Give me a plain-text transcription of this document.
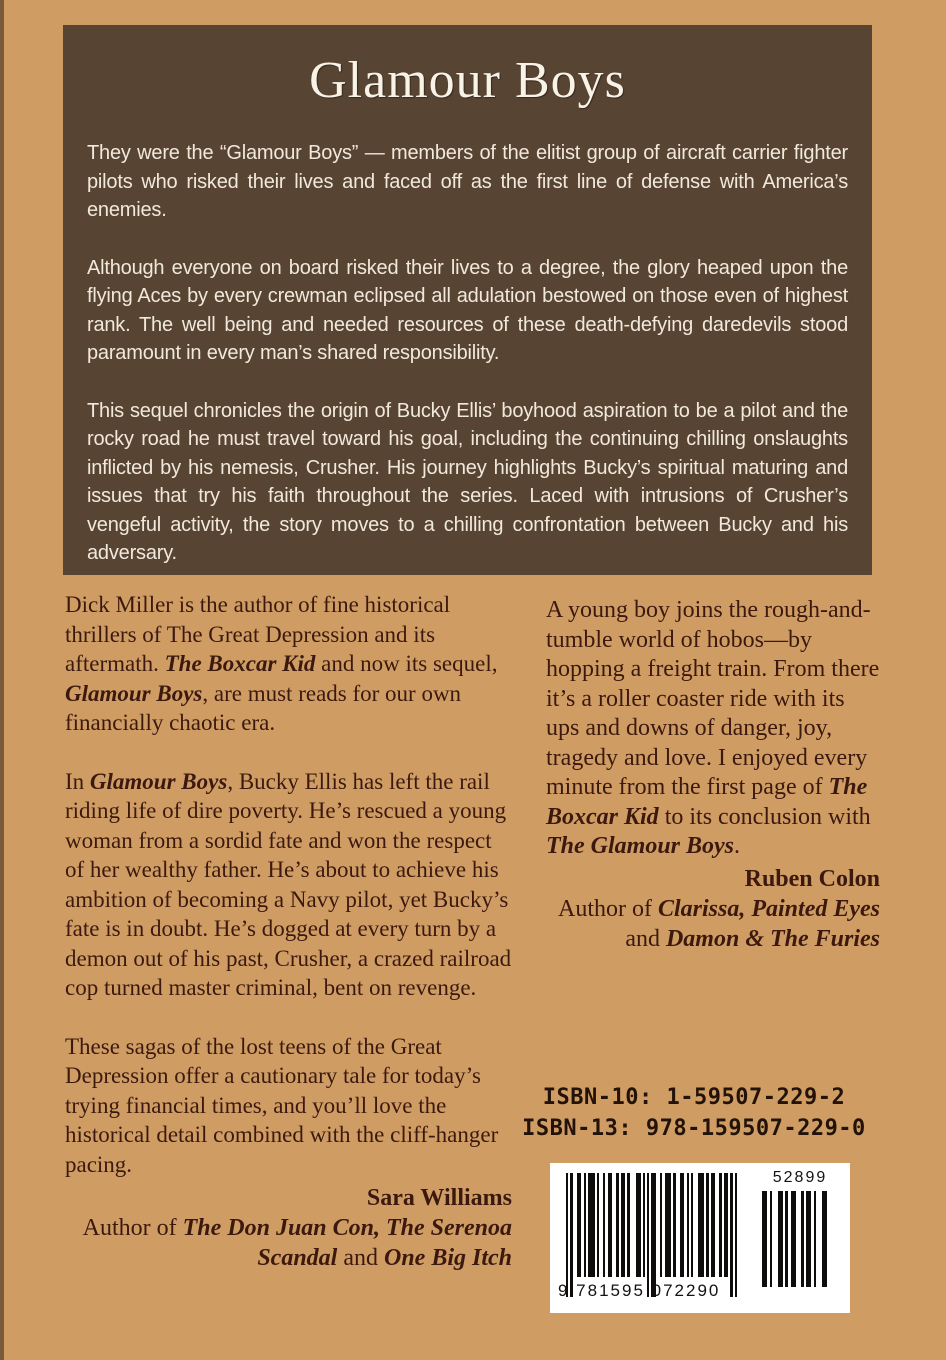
Glamour Boys

They were the “Glamour Boys” — members of the elitist group of aircraft carrier fighter pilots who risked their lives and faced off as the first line of defense with America’s enemies.

Although everyone on board risked their lives to a degree, the glory heaped upon the flying Aces by every crewman eclipsed all adulation bestowed on those even of highest rank. The well being and needed resources of these death-defying daredevils stood paramount in every man’s shared responsibility.

This sequel chronicles the origin of Bucky Ellis’ boyhood aspiration to be a pilot and the rocky road he must travel toward his goal, including the continuing chilling onslaughts inflicted by his nemesis, Crusher. His journey highlights Bucky’s spiritual maturing and issues that try his faith throughout the series. Laced with intrusions of Crusher’s vengeful activity, the story moves to a chilling confrontation between Bucky and his adversary.

Dick Miller is the author of fine historical thrillers of The Great Depression and its aftermath. The Boxcar Kid and now its sequel, Glamour Boys, are must reads for our own financially chaotic era.

In Glamour Boys, Bucky Ellis has left the rail riding life of dire poverty. He’s rescued a young woman from a sordid fate and won the respect of her wealthy father. He’s about to achieve his ambition of becoming a Navy pilot, yet Bucky’s fate is in doubt. He’s dogged at every turn by a demon out of his past, Crusher, a crazed railroad cop turned master criminal, bent on revenge.

These sagas of the lost teens of the Great Depression offer a cautionary tale for today’s trying financial times, and you’ll love the historical detail combined with the cliff-hanger pacing.

Sara Williams
Author of The Don Juan Con, The Serenoa Scandal and One Big Itch

A young boy joins the rough-and-tumble world of hobos—by hopping a freight train. From there it’s a roller coaster ride with its ups and downs of danger, joy, tragedy and love. I enjoyed every minute from the first page of The Boxcar Kid to its conclusion with The Glamour Boys.

Ruben Colon
Author of Clarissa, Painted Eyes and Damon & The Furies
ISBN-10: 1-59507-229-2
ISBN-13: 978-159507-229-0
9 781595 072290
52899
